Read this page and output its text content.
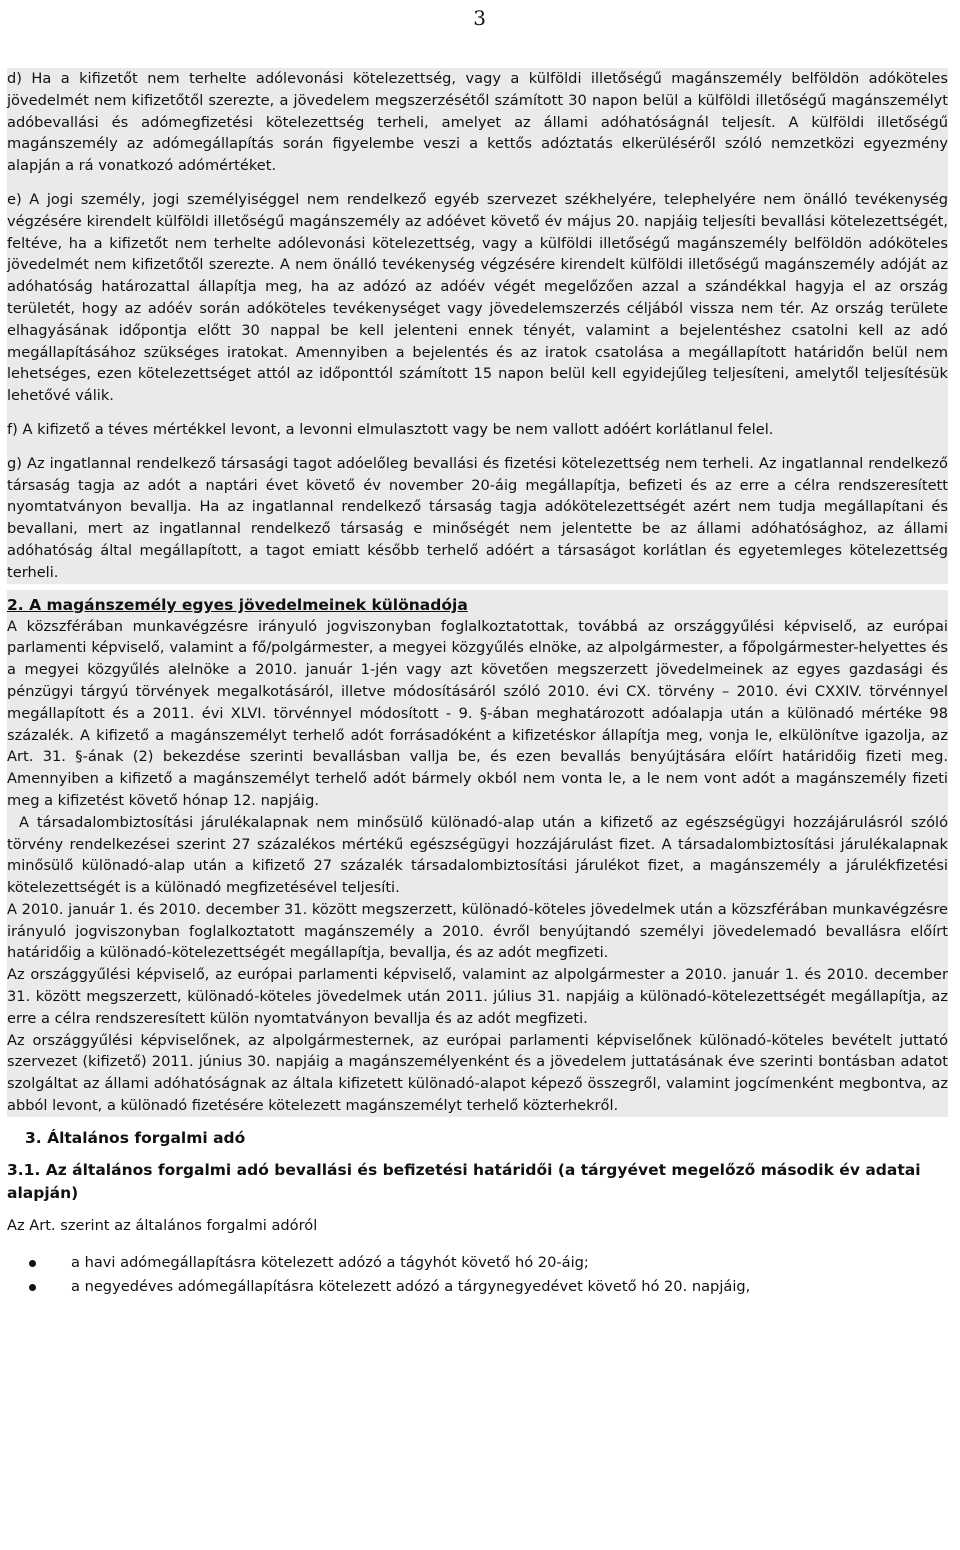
3

d) Ha a kifizetőt nem terhelte adólevonási kötelezettség, vagy a külföldi illetőségű magánszemély belföldön adóköteles jövedelmét nem kifizetőtől szerezte, a jövedelem megszerzésétől számított 30 napon belül a külföldi illetőségű magánszemélyt adóbevallási és adómegfizetési kötelezettség terheli, amelyet az állami adóhatóságnál teljesít. A külföldi illetőségű magánszemély az adómegállapítás során figyelembe veszi a kettős adóztatás elkerüléséről szóló nemzetközi egyezmény alapján a rá vonatkozó adómértéket.

e) A jogi személy, jogi személyiséggel nem rendelkező egyéb szervezet székhelyére, telephelyére nem önálló tevékenység végzésére kirendelt külföldi illetőségű magánszemély az adóévet követő év május 20. napjáig teljesíti bevallási kötelezettségét, feltéve, ha a kifizetőt nem terhelte adólevonási kötelezettség, vagy a külföldi illetőségű magánszemély belföldön adóköteles jövedelmét nem kifizetőtől szerezte. A nem önálló tevékenység végzésére kirendelt külföldi illetőségű magánszemély adóját az adóhatóság határozattal állapítja meg, ha az adózó az adóév végét megelőzően azzal a szándékkal hagyja el az ország területét, hogy az adóév során adóköteles tevékenységet vagy jövedelemszerzés céljából vissza nem tér. Az ország területe elhagyásának időpontja előtt 30 nappal be kell jelenteni ennek tényét, valamint a bejelentéshez csatolni kell az adó megállapításához szükséges iratokat. Amennyiben a bejelentés és az iratok csatolása a megállapított határidőn belül nem lehetséges, ezen kötelezettséget attól az időponttól számított 15 napon belül kell egyidejűleg teljesíteni, amelytől teljesítésük lehetővé válik.

f) A kifizető a téves mértékkel levont, a levonni elmulasztott vagy be nem vallott adóért korlátlanul felel.

g) Az ingatlannal rendelkező társasági tagot adóelőleg bevallási és fizetési kötelezettség nem terheli. Az ingatlannal rendelkező társaság tagja az adót a naptári évet követő év november 20-áig megállapítja, befizeti és az erre a célra rendszeresített nyomtatványon bevallja. Ha az ingatlannal rendelkező társaság tagja adókötelezettségét azért nem tudja megállapítani és bevallani, mert az ingatlannal rendelkező társaság e minőségét nem jelentette be az állami adóhatósághoz, az állami adóhatóság által megállapított, a tagot emiatt később terhelő adóért a társaságot korlátlan és egyetemleges kötelezettség terheli.

2. A magánszemély egyes jövedelmeinek különadója

A közszférában munkavégzésre irányuló jogviszonyban foglalkoztatottak, továbbá az országgyűlési képviselő, az európai parlamenti képviselő, valamint a fő/polgármester, a megyei közgyűlés elnöke, az alpolgármester, a főpolgármester-helyettes és a megyei közgyűlés alelnöke a 2010. január 1-jén vagy azt követően megszerzett jövedelmeinek az egyes gazdasági és pénzügyi tárgyú törvények megalkotásáról, illetve módosításáról szóló 2010. évi CX. törvény – 2010. évi CXXIV. törvénnyel megállapított és a 2011. évi XLVI. törvénnyel módosított - 9. §-ában meghatározott adóalapja után a különadó mértéke 98 százalék. A kifizető a magánszemélyt terhelő adót forrásadóként a kifizetéskor állapítja meg, vonja le, elkülönítve igazolja, az Art. 31. §-ának (2) bekezdése szerinti bevallásban vallja be, és ezen bevallás benyújtására előírt határidőig fizeti meg. Amennyiben a kifizető a magánszemélyt terhelő adót bármely okból nem vonta le, a le nem vont adót a magánszemély fizeti meg a kifizetést követő hónap 12. napjáig.

A társadalombiztosítási járulékalapnak nem minősülő különadó-alap után a kifizető az egészségügyi hozzájárulásról szóló törvény rendelkezései szerint 27 százalékos mértékű egészségügyi hozzájárulást fizet. A társadalombiztosítási járulékalapnak minősülő különadó-alap után a kifizető 27 százalék társadalombiztosítási járulékot fizet, a magánszemély a járulékfizetési kötelezettségét is a különadó megfizetésével teljesíti.

A 2010. január 1. és 2010. december 31. között megszerzett, különadó-köteles jövedelmek után a közszférában munkavégzésre irányuló jogviszonyban foglalkoztatott magánszemély a 2010. évről benyújtandó személyi jövedelemadó bevallásra előírt határidőig a különadó-kötelezettségét megállapítja, bevallja, és az adót megfizeti.

Az országgyűlési képviselő, az európai parlamenti képviselő, valamint az alpolgármester a 2010. január 1. és 2010. december 31. között megszerzett, különadó-köteles jövedelmek után 2011. július 31. napjáig a különadó-kötelezettségét megállapítja, az erre a célra rendszeresített külön nyomtatványon bevallja és az adót megfizeti.

Az országgyűlési képviselőnek, az alpolgármesternek, az európai parlamenti képviselőnek különadó-köteles bevételt juttató szervezet (kifizető) 2011. június 30. napjáig a magánszemélyenként és a jövedelem juttatásának éve szerinti bontásban adatot szolgáltat az állami adóhatóságnak az általa kifizetett különadó-alapot képező összegről, valamint jogcímenként megbontva, az abból levont, a különadó fizetésére kötelezett magánszemélyt terhelő közterhekről.

3. Általános forgalmi adó
3.1. Az általános forgalmi adó bevallási és befizetési határidői (a tárgyévet megelőző második év adatai alapján)

Az Art. szerint az általános forgalmi adóról

a havi adómegállapításra kötelezett adózó a tágyhót követő hó 20-áig;
a negyedéves adómegállapításra kötelezett adózó a tárgynegyedévet követő hó 20. napjáig,
